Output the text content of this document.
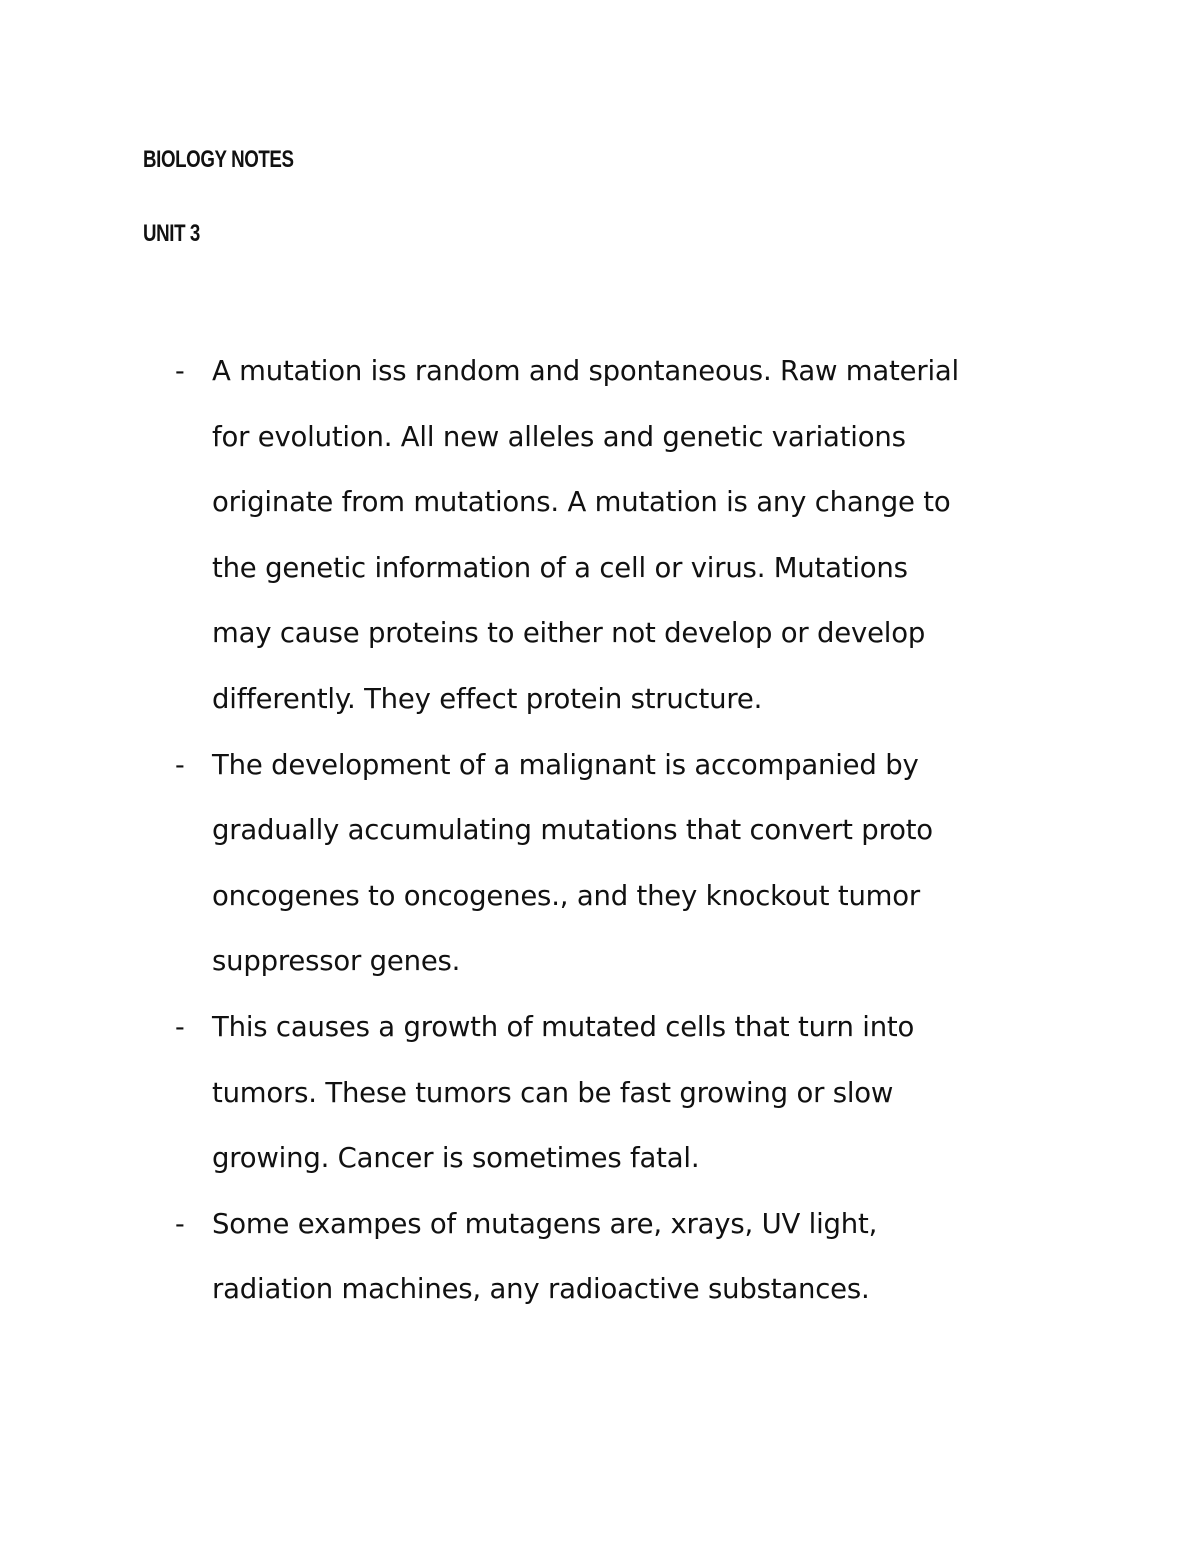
BIOLOGY NOTES
UNIT 3
- A mutation iss random and spontaneous. Raw material
for evolution. All new alleles and genetic variations
originate from mutations. A mutation is any change to
the genetic information of a cell or virus. Mutations
may cause proteins to either not develop or develop
differently. They effect protein structure.
- The development of a malignant is accompanied by
gradually accumulating mutations that convert proto
oncogenes to oncogenes., and they knockout tumor
suppressor genes.
- This causes a growth of mutated cells that turn into
tumors. These tumors can be fast growing or slow
growing. Cancer is sometimes fatal.
- Some exampes of mutagens are, xrays, UV light,
radiation machines, any radioactive substances.
